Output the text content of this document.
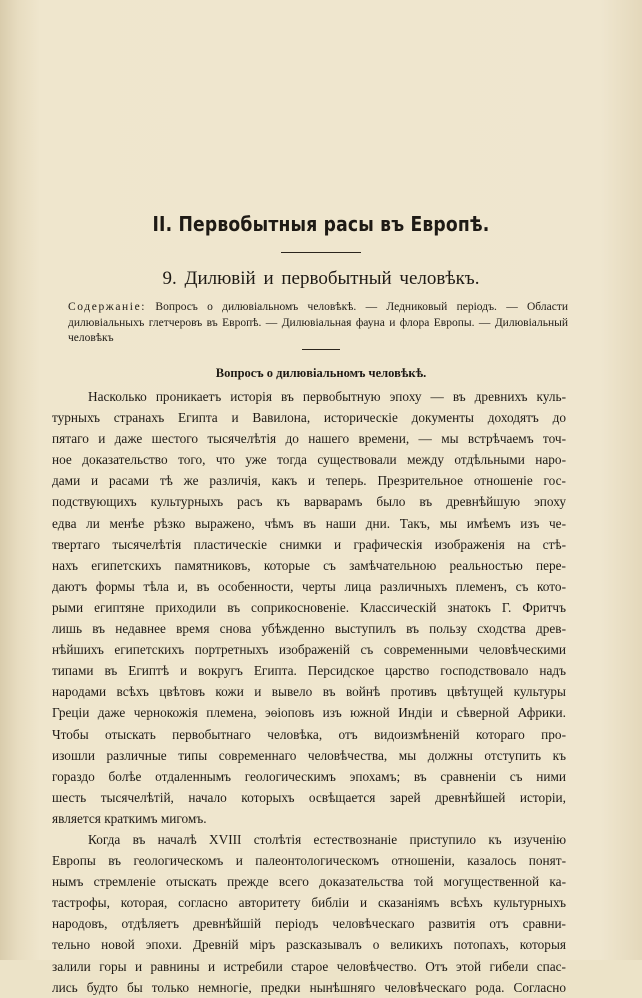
II. Первобытныя расы въ Европѣ.
9. Дилювій и первобытный человѣкъ.
Содержаніе: Вопросъ о дилювіальномъ человѣкѣ. — Ледниковый періодъ. — Области дилювіальныхъ глетчеровъ въ Европѣ. — Дилювіальная фауна и флора Европы. — Дилювіальный человѣкъ
Вопросъ о дилювіальномъ человѣкѣ.
Насколько проникаетъ исторія въ первобытную эпоху — въ древнихъ куль-
турныхъ странахъ Египта и Вавилона, историческіе документы доходятъ до
пятаго и даже шестого тысячелѣтія до нашего времени, — мы встрѣчаемъ точ-
ное доказательство того, что уже тогда существовали между отдѣльными наро-
дами и расами тѣ же различія, какъ и теперь. Презрительное отношеніе гос-
подствующихъ культурныхъ расъ къ варварамъ было въ древнѣйшую эпоху
едва ли менѣе рѣзко выражено, чѣмъ въ наши дни. Такъ, мы имѣемъ изъ че-
твертаго тысячелѣтія пластическіе снимки и графическія изображенія на стѣ-
нахъ египетскихъ памятниковъ, которые съ замѣчательною реальностью пере-
даютъ формы тѣла и, въ особенности, черты лица различныхъ племенъ, съ кото-
рыми египтяне приходили въ соприкосновеніе. Классическій знатокъ Г. Фритчъ
лишь въ недавнее время снова убѣжденно выступилъ въ пользу сходства древ-
нѣйшихъ египетскихъ портретныхъ изображеній съ современными человѣческими
типами въ Египтѣ и вокругъ Египта. Персидское царство господствовало надъ
народами всѣхъ цвѣтовъ кожи и вывело въ войнѣ противъ цвѣтущей культуры
Греціи даже чернокожія племена, эѳіоповъ изъ южной Индіи и сѣверной Африки.
Чтобы отыскать первобытнаго человѣка, отъ видоизмѣненій котораго про-
изошли различные типы современнаго человѣчества, мы должны отступить къ
гораздо болѣе отдаленнымъ геологическимъ эпохамъ; въ сравненіи съ ними
шесть тысячелѣтій, начало которыхъ освѣщается зарей древнѣйшей исторіи,
является краткимъ мигомъ.
Когда въ началѣ XVIII столѣтія естествознаніе приступило къ изученію
Европы въ геологическомъ и палеонтологическомъ отношеніи, казалось понят-
нымъ стремленіе отыскать прежде всего доказательства той могущественной ка-
тастрофы, которая, согласно авторитету библіи и сказаніямъ всѣхъ культурныхъ
народовъ, отдѣляетъ древнѣйшій періодъ человѣческаго развитія отъ сравни-
тельно новой эпохи. Древній міръ разсказывалъ о великихъ потопахъ, которыя
залили горы и равнины и истребили старое человѣчество. Отъ этой гибели спас-
лись будто бы только немногіе, предки нынѣшняго человѣческаго рода. Согласно
